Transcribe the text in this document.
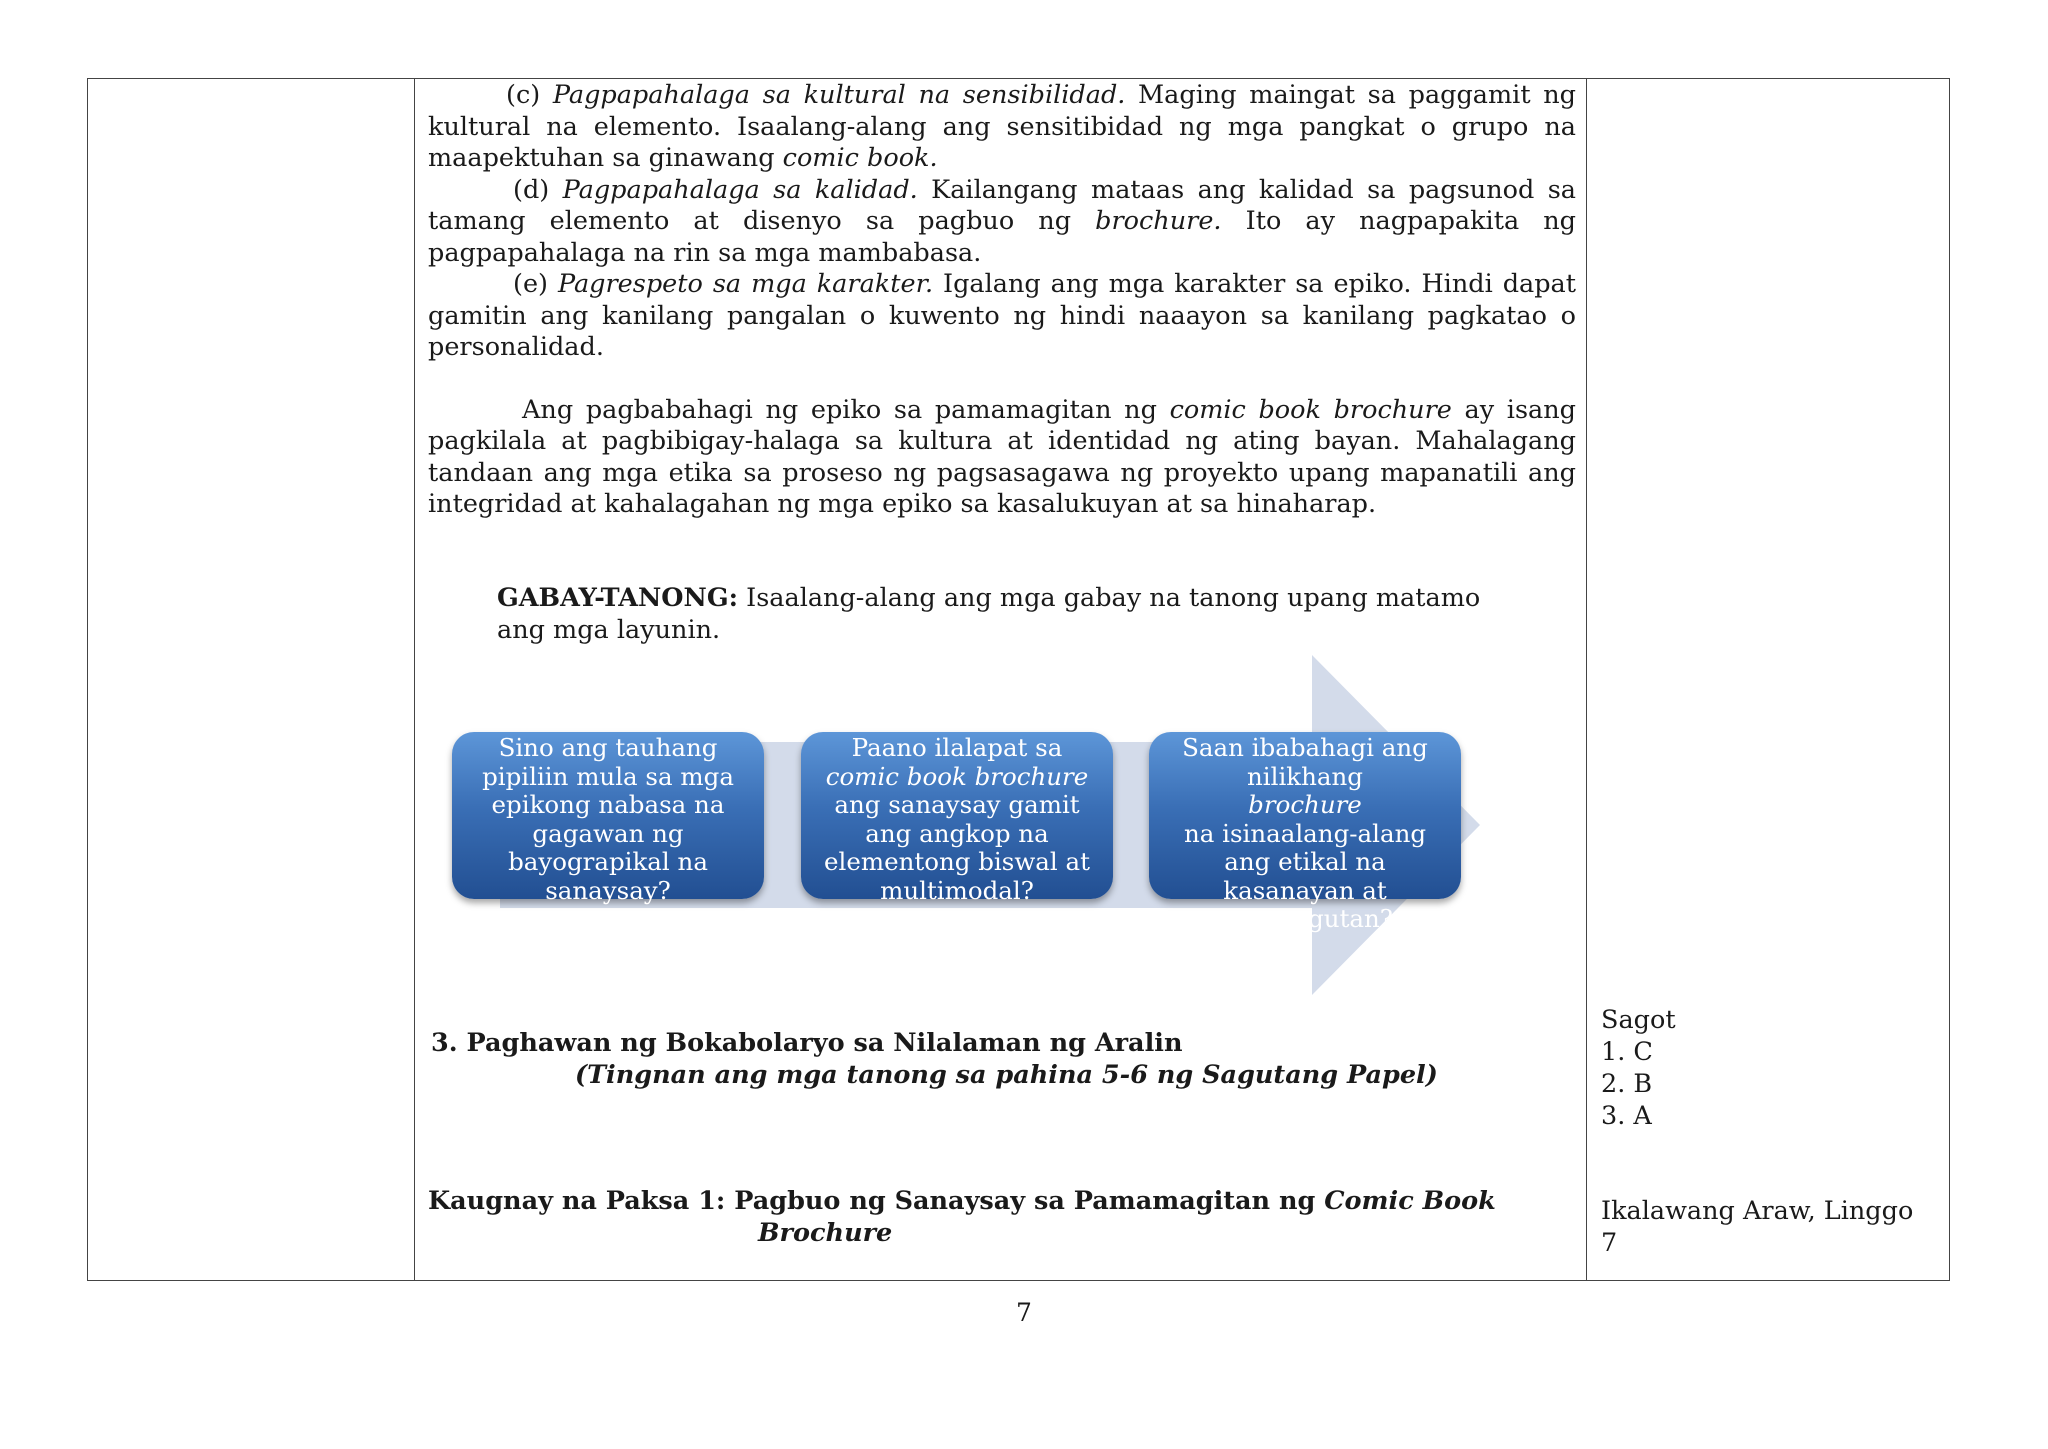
(c) Pagpapahalaga sa kultural na sensibilidad. Maging maingat sa paggamit ng kultural na elemento. Isaalang-alang ang sensitibidad ng mga pangkat o grupo na maapektuhan sa ginawang comic book.

(d) Pagpapahalaga sa kalidad. Kailangang mataas ang kalidad sa pagsunod sa tamang elemento at disenyo sa pagbuo ng brochure. Ito ay nagpapakita ng pagpapahalaga na rin sa mga mambabasa.

(e) Pagrespeto sa mga karakter. Igalang ang mga karakter sa epiko. Hindi dapat gamitin ang kanilang pangalan o kuwento ng hindi naaayon sa kanilang pagkatao o personalidad.

Ang pagbabahagi ng epiko sa pamamagitan ng comic book brochure ay isang pagkilala at pagbibigay-halaga sa kultura at identidad ng ating bayan. Mahalagang tandaan ang mga etika sa proseso ng pagsasagawa ng proyekto upang mapanatili ang integridad at kahalagahan ng mga epiko sa kasalukuyan at sa hinaharap.

GABAY-TANONG: Isaalang-alang ang mga gabay na tanong upang matamo
ang mga layunin.
Sino ang tauhang
pipiliin mula sa mga
epikong nabasa na
gagawan ng
bayograpikal na
sanaysay?
Paano ilalapat sa
comic book brochure
ang sanaysay gamit
ang angkop na
elementong biswal at
multimodal?
Saan ibabahagi ang
nilikhang
brochure
na isinaalang-alang
ang etikal na
kasanayan at
pananagutan?
3. Paghawan ng Bokabolaryo sa Nilalaman ng Aralin
(Tingnan ang mga tanong sa pahina 5-6 ng Sagutang Papel)
Kaugnay na Paksa 1: Pagbuo ng Sanaysay sa Pamamagitan ng Comic Book
Brochure
Sagot
1. C
2. B
3. A
Ikalawang Araw, Linggo
7
7
